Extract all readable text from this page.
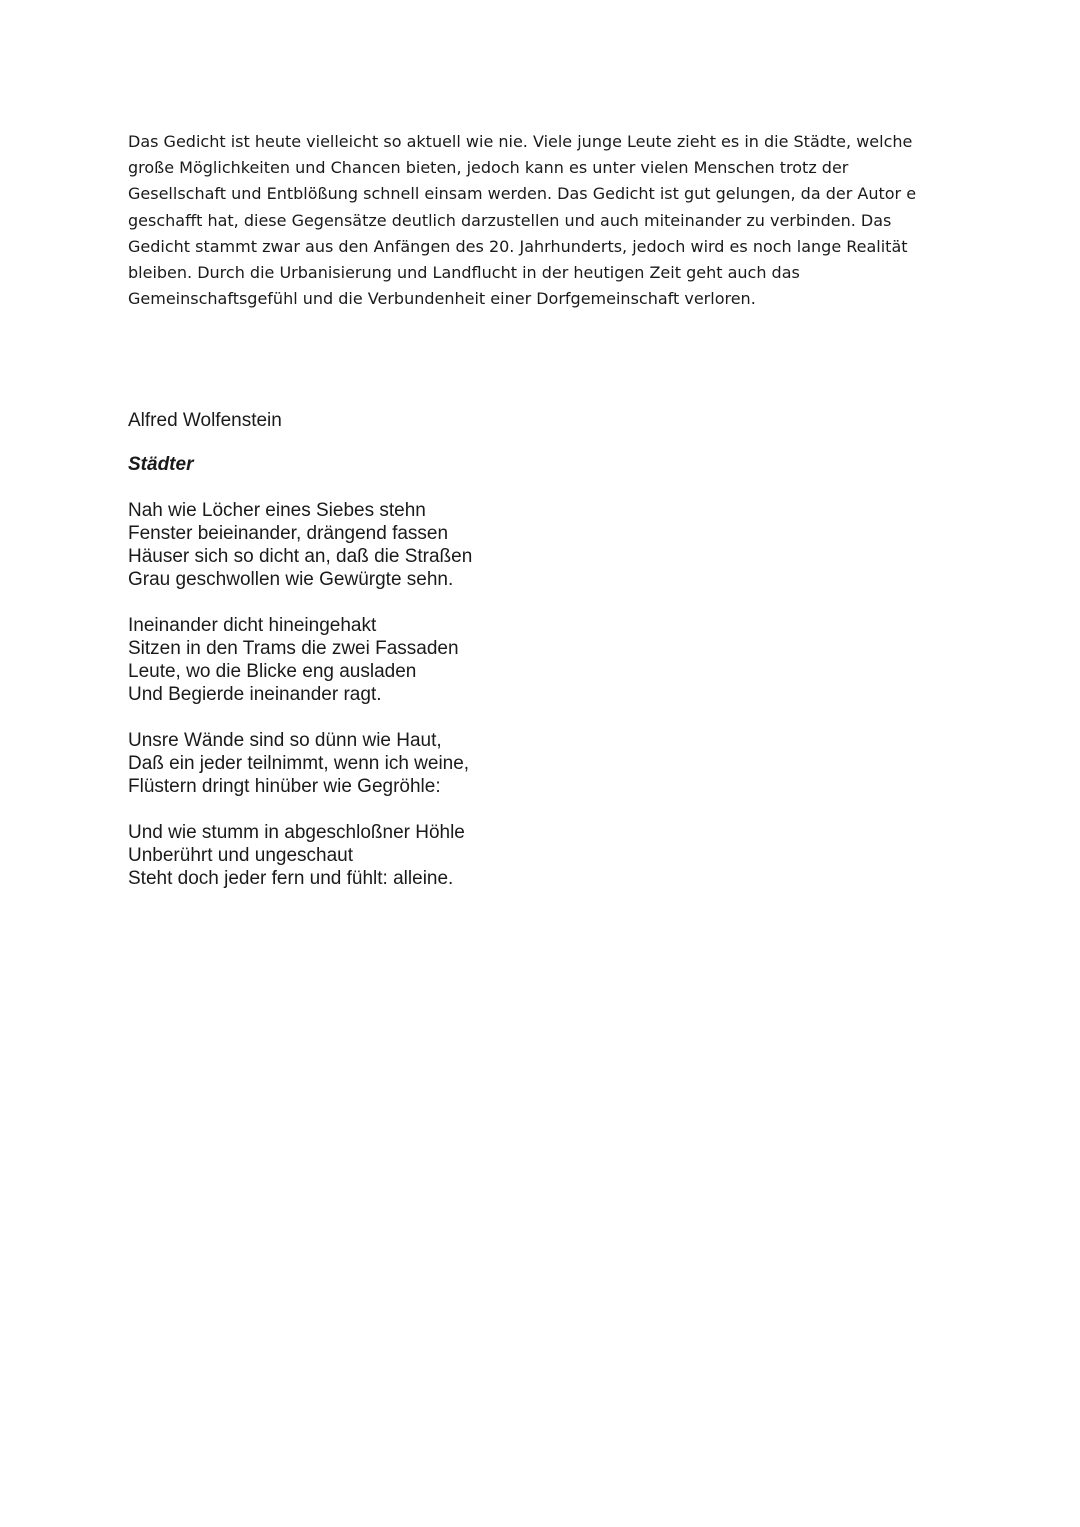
Das Gedicht ist heute vielleicht so aktuell wie nie. Viele junge Leute zieht es in die Städte, welche
große Möglichkeiten und Chancen bieten, jedoch kann es unter vielen Menschen trotz der
Gesellschaft und Entblößung schnell einsam werden. Das Gedicht ist gut gelungen, da der Autor e
geschafft hat, diese Gegensätze deutlich darzustellen und auch miteinander zu verbinden. Das
Gedicht stammt zwar aus den Anfängen des 20. Jahrhunderts, jedoch wird es noch lange Realität
bleiben. Durch die Urbanisierung und Landflucht in der heutigen Zeit geht auch das
Gemeinschaftsgefühl und die Verbundenheit einer Dorfgemeinschaft verloren.

Alfred Wolfenstein

Städter

Nah wie Löcher eines Siebes stehn
Fenster beieinander, drängend fassen
Häuser sich so dicht an, daß die Straßen
Grau geschwollen wie Gewürgte sehn.
Ineinander dicht hineingehakt
Sitzen in den Trams die zwei Fassaden
Leute, wo die Blicke eng ausladen
Und Begierde ineinander ragt.
Unsre Wände sind so dünn wie Haut,
Daß ein jeder teilnimmt, wenn ich weine,
Flüstern dringt hinüber wie Gegröhle:
Und wie stumm in abgeschloßner Höhle
Unberührt und ungeschaut
Steht doch jeder fern und fühlt: alleine.
